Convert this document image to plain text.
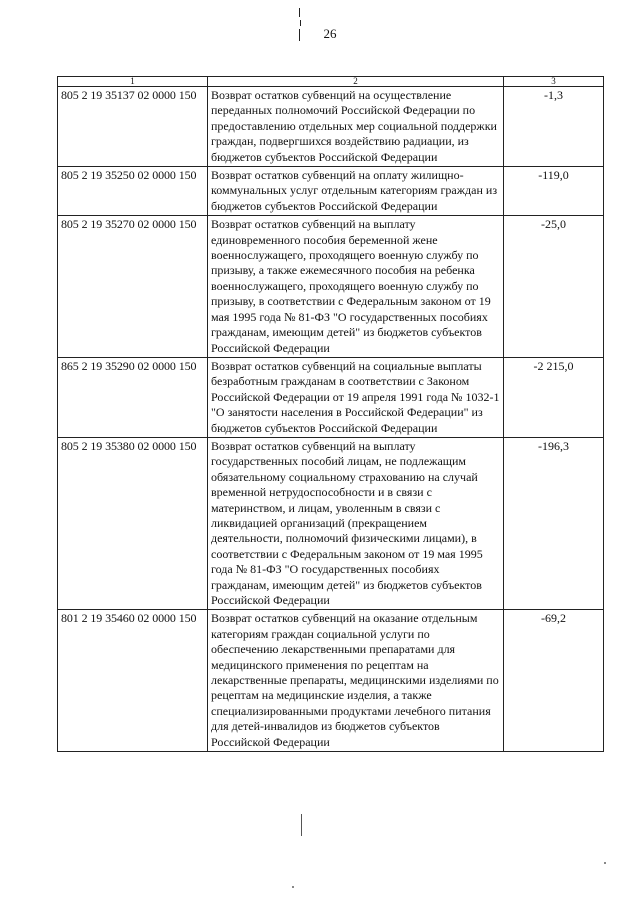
26
1	2	3
805 2 19 35137 02 0000 150	Возврат остатков субвенций на осуществление переданных полномочий Российской Федерации по предоставлению отдельных мер социальной поддержки граждан, подвергшихся воздействию радиации, из бюджетов субъектов Российской Федерации	-1,3
805 2 19 35250 02 0000 150	Возврат остатков субвенций на оплату жилищно-коммунальных услуг отдельным категориям граждан из бюджетов субъектов Российской Федерации	-119,0
805 2 19 35270 02 0000 150	Возврат остатков субвенций на выплату единовременного пособия беременной жене военнослужащего, проходящего военную службу по призыву, а также ежемесячного пособия на ребенка военнослужащего, проходящего военную службу по призыву, в соответствии с Федеральным законом от 19 мая 1995 года № 81-ФЗ "О государственных пособиях гражданам, имеющим детей" из бюджетов субъектов Российской Федерации	-25,0
865 2 19 35290 02 0000 150	Возврат остатков субвенций на социальные выплаты безработным гражданам в соответствии с Законом Российской Федерации от 19 апреля 1991 года № 1032-1 "О занятости населения в Российской Федерации" из бюджетов субъектов Российской Федерации	-2 215,0
805 2 19 35380 02 0000 150	Возврат остатков субвенций на выплату государственных пособий лицам, не подлежащим обязательному социальному страхованию на случай временной нетрудоспособности и в связи с материнством, и лицам, уволенным в связи с ликвидацией организаций (прекращением деятельности, полномочий физическими лицами), в соответствии с Федеральным законом от 19 мая 1995 года № 81-ФЗ "О государственных пособиях гражданам, имеющим детей" из бюджетов субъектов Российской Федерации	-196,3
801 2 19 35460 02 0000 150	Возврат остатков субвенций на оказание отдельным категориям граждан социальной услуги по обеспечению лекарственными препаратами для медицинского применения по рецептам на лекарственные препараты, медицинскими изделиями по рецептам на медицинские изделия, а также специализированными продуктами лечебного питания для детей-инвалидов из бюджетов субъектов Российской Федерации	-69,2
